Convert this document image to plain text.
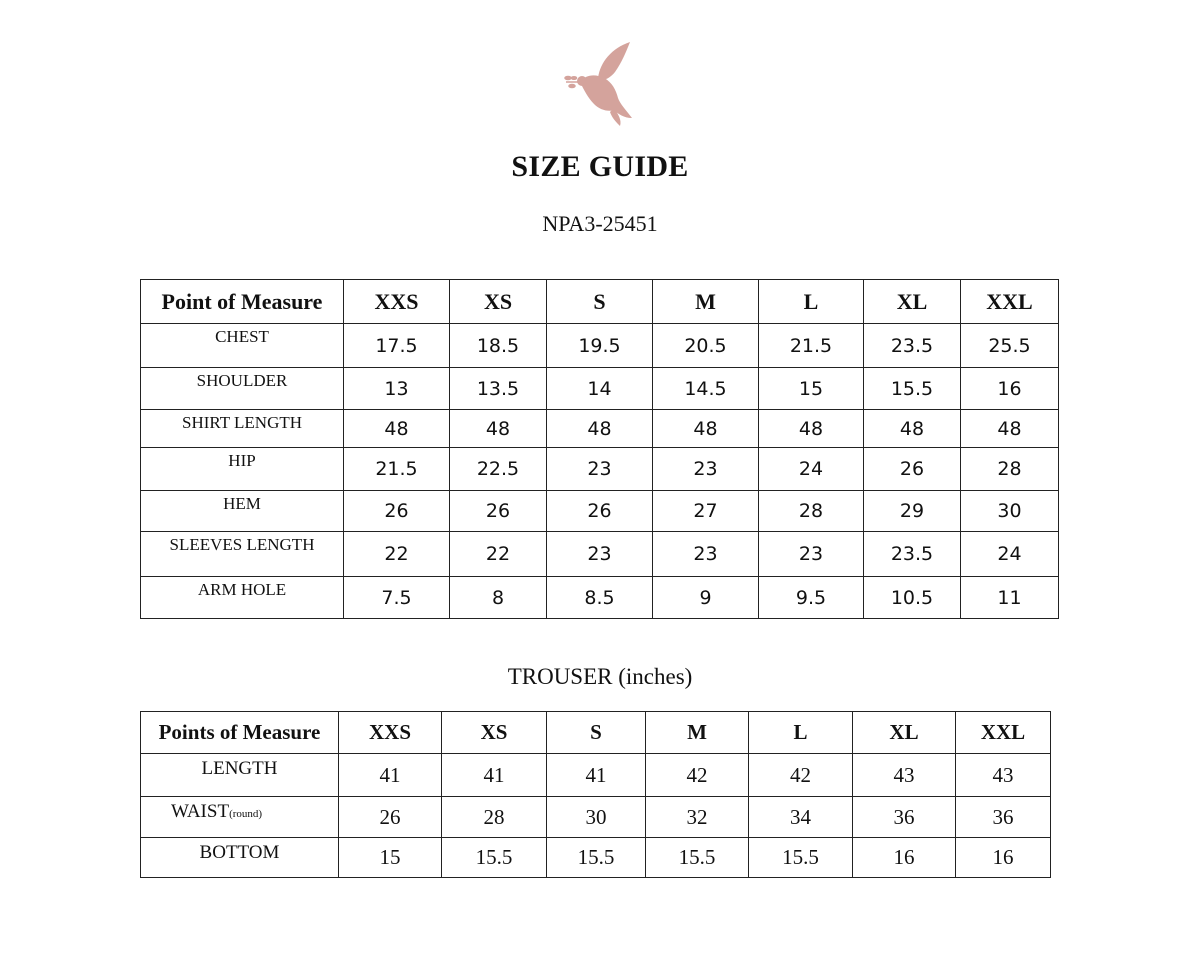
SIZE GUIDE
NPA3-25451
Point of Measure	XXS	XS	S	M	L	XL	XXL
CHEST	17.5	18.5	19.5	20.5	21.5	23.5	25.5
SHOULDER	13	13.5	14	14.5	15	15.5	16
SHIRT LENGTH	48	48	48	48	48	48	48
HIP	21.5	22.5	23	23	24	26	28
HEM	26	26	26	27	28	29	30
SLEEVES LENGTH	22	22	23	23	23	23.5	24
ARM HOLE	7.5	8	8.5	9	9.5	10.5	11
TROUSER (inches)
Points of Measure	XXS	XS	S	M	L	XL	XXL
LENGTH	41	41	41	42	42	43	43
WAIST(round)	26	28	30	32	34	36	36
BOTTOM	15	15.5	15.5	15.5	15.5	16	16
